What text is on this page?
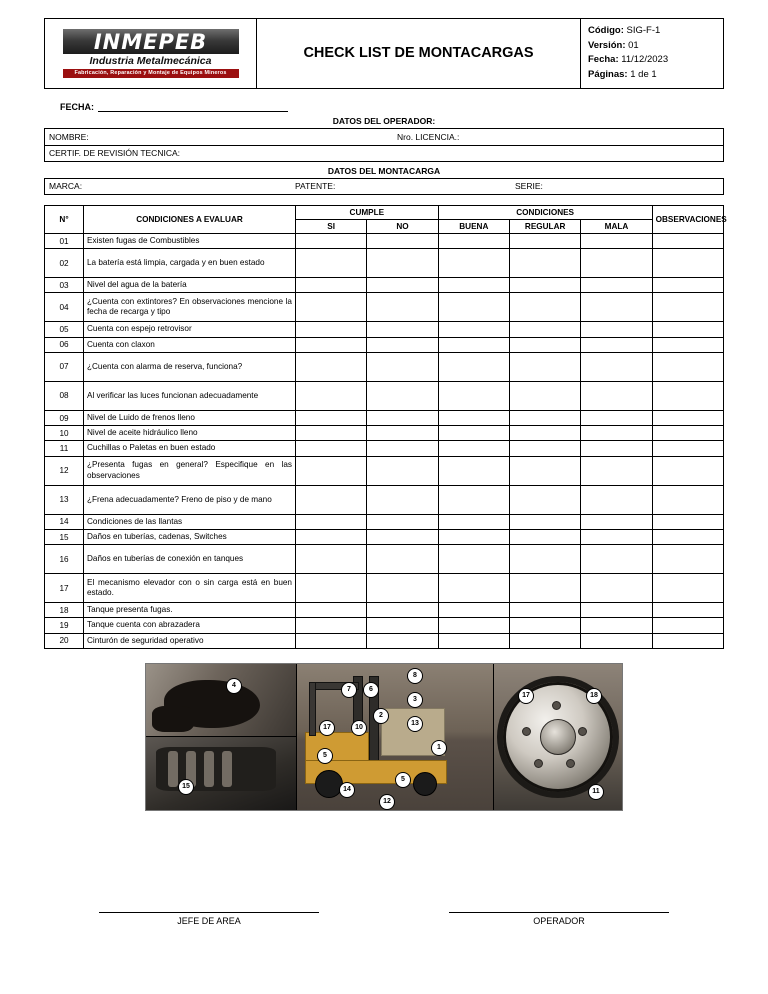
INMEPEB
Industria Metalmecánica
Fabricación, Reparación y Montaje de Equipos Mineros
CHECK LIST DE MONTACARGAS
Código: SIG-F-1
Versión: 01
Fecha: 11/12/2023
Páginas: 1 de 1
FECHA:
DATOS DEL OPERADOR:
NOMBRE:	Nro. LICENCIA.:
CERTIF. DE REVISIÓN TECNICA:
DATOS DEL MONTACARGA
MARCA:	PATENTE:	SERIE:
N°	CONDICIONES A EVALUAR	CUMPLE		CONDICIONES			OBSERVACIONES
		SI	NO	BUENA	REGULAR	MALA	
01	Existen fugas de Combustibles						
02	La batería está limpia, cargada y en buen estado						
03	Nivel del agua de la batería						
04	¿Cuenta con extintores? En observaciones mencione la fecha de recarga y tipo						
05	Cuenta con espejo retrovisor						
06	Cuenta con claxon						
07	¿Cuenta con alarma de reserva, funciona?						
08	Al verificar las luces funcionan adecuadamente						
09	Nivel de Luido de frenos lleno						
10	Nivel de aceite hidráulico lleno						
11	Cuchillas o Paletas en buen estado						
12	¿Presenta fugas en general? Especifique en las observaciones						
13	¿Frena adecuadamente? Freno de piso y de mano						
14	Condiciones de las llantas						
15	Daños en tuberías, cadenas, Switches						
16	Daños en tuberías de conexión en tanques						
17	El mecanismo elevador con o sin carga está en buen estado.						
18	Tanque presenta fugas.						
19	Tanque cuenta con abrazadera						
20	Cinturón de seguridad operativo						
4
15
7	6
8
2
3
17	10
13
5
1
14
12
5
17	18
11
JEFE DE AREA	OPERADOR
